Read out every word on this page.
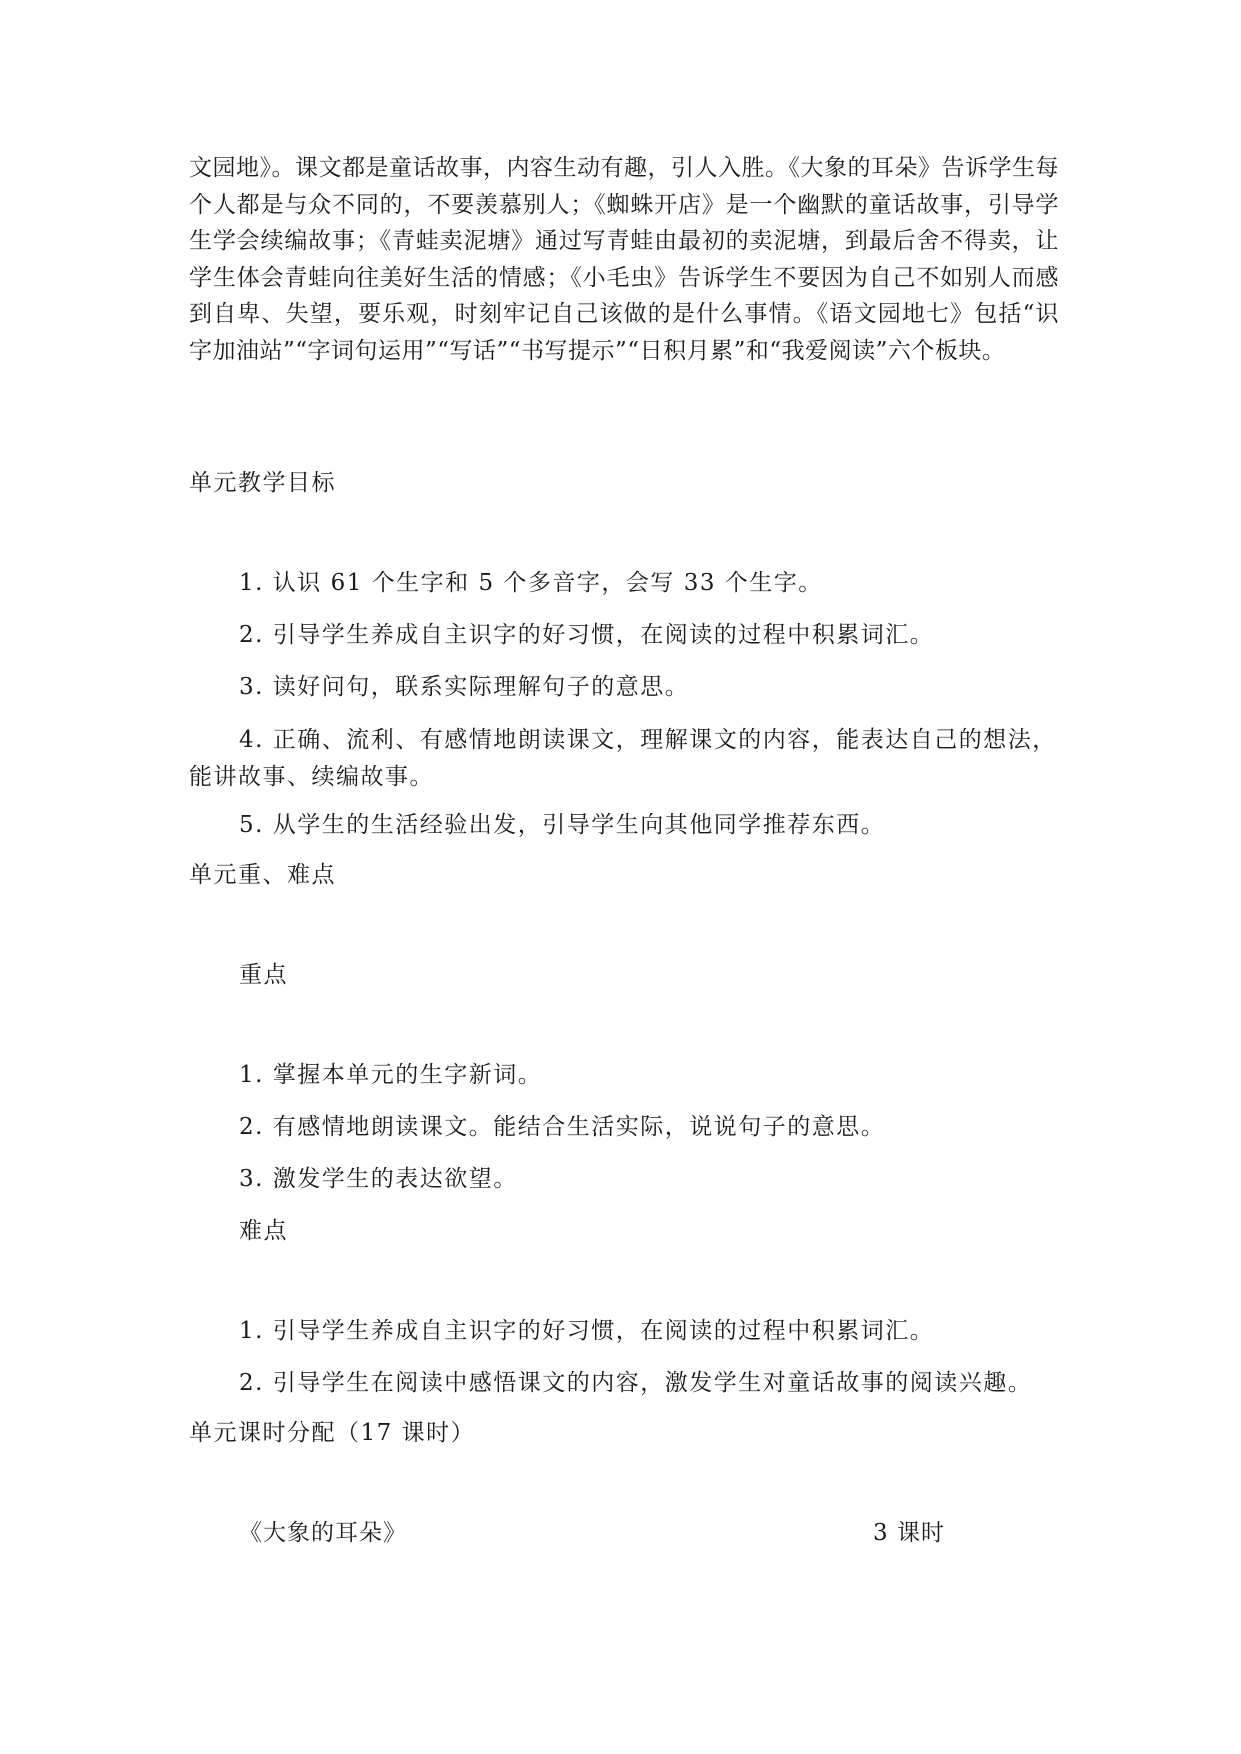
文园地》。课文都是童话故事，内容生动有趣，引人入胜。《大象的耳朵》告诉学生每个人都是与众不同的，不要羡慕别人；《蜘蛛开店》是一个幽默的童话故事，引导学生学会续编故事；《青蛙卖泥塘》通过写青蛙由最初的卖泥塘，到最后舍不得卖，让学生体会青蛙向往美好生活的情感；《小毛虫》告诉学生不要因为自己不如别人而感到自卑、失望，要乐观，时刻牢记自己该做的是什么事情。《语文园地七》包括“识字加油站”“字词句运用”“写话”“书写提示”“日积月累”和“我爱阅读”六个板块。
单元教学目标
1. 认识 61 个生字和 5 个多音字，会写 33 个生字。
2. 引导学生养成自主识字的好习惯，在阅读的过程中积累词汇。
3. 读好问句，联系实际理解句子的意思。
4. 正确、流利、有感情地朗读课文，理解课文的内容，能表达自己的想法，能讲故事、续编故事。
5. 从学生的生活经验出发，引导学生向其他同学推荐东西。
单元重、难点
重点
1. 掌握本单元的生字新词。
2. 有感情地朗读课文。能结合生活实际，说说句子的意思。
3. 激发学生的表达欲望。
难点
1. 引导学生养成自主识字的好习惯，在阅读的过程中积累词汇。
2. 引导学生在阅读中感悟课文的内容，激发学生对童话故事的阅读兴趣。
单元课时分配（17 课时）
《大象的耳朵》	3 课时
